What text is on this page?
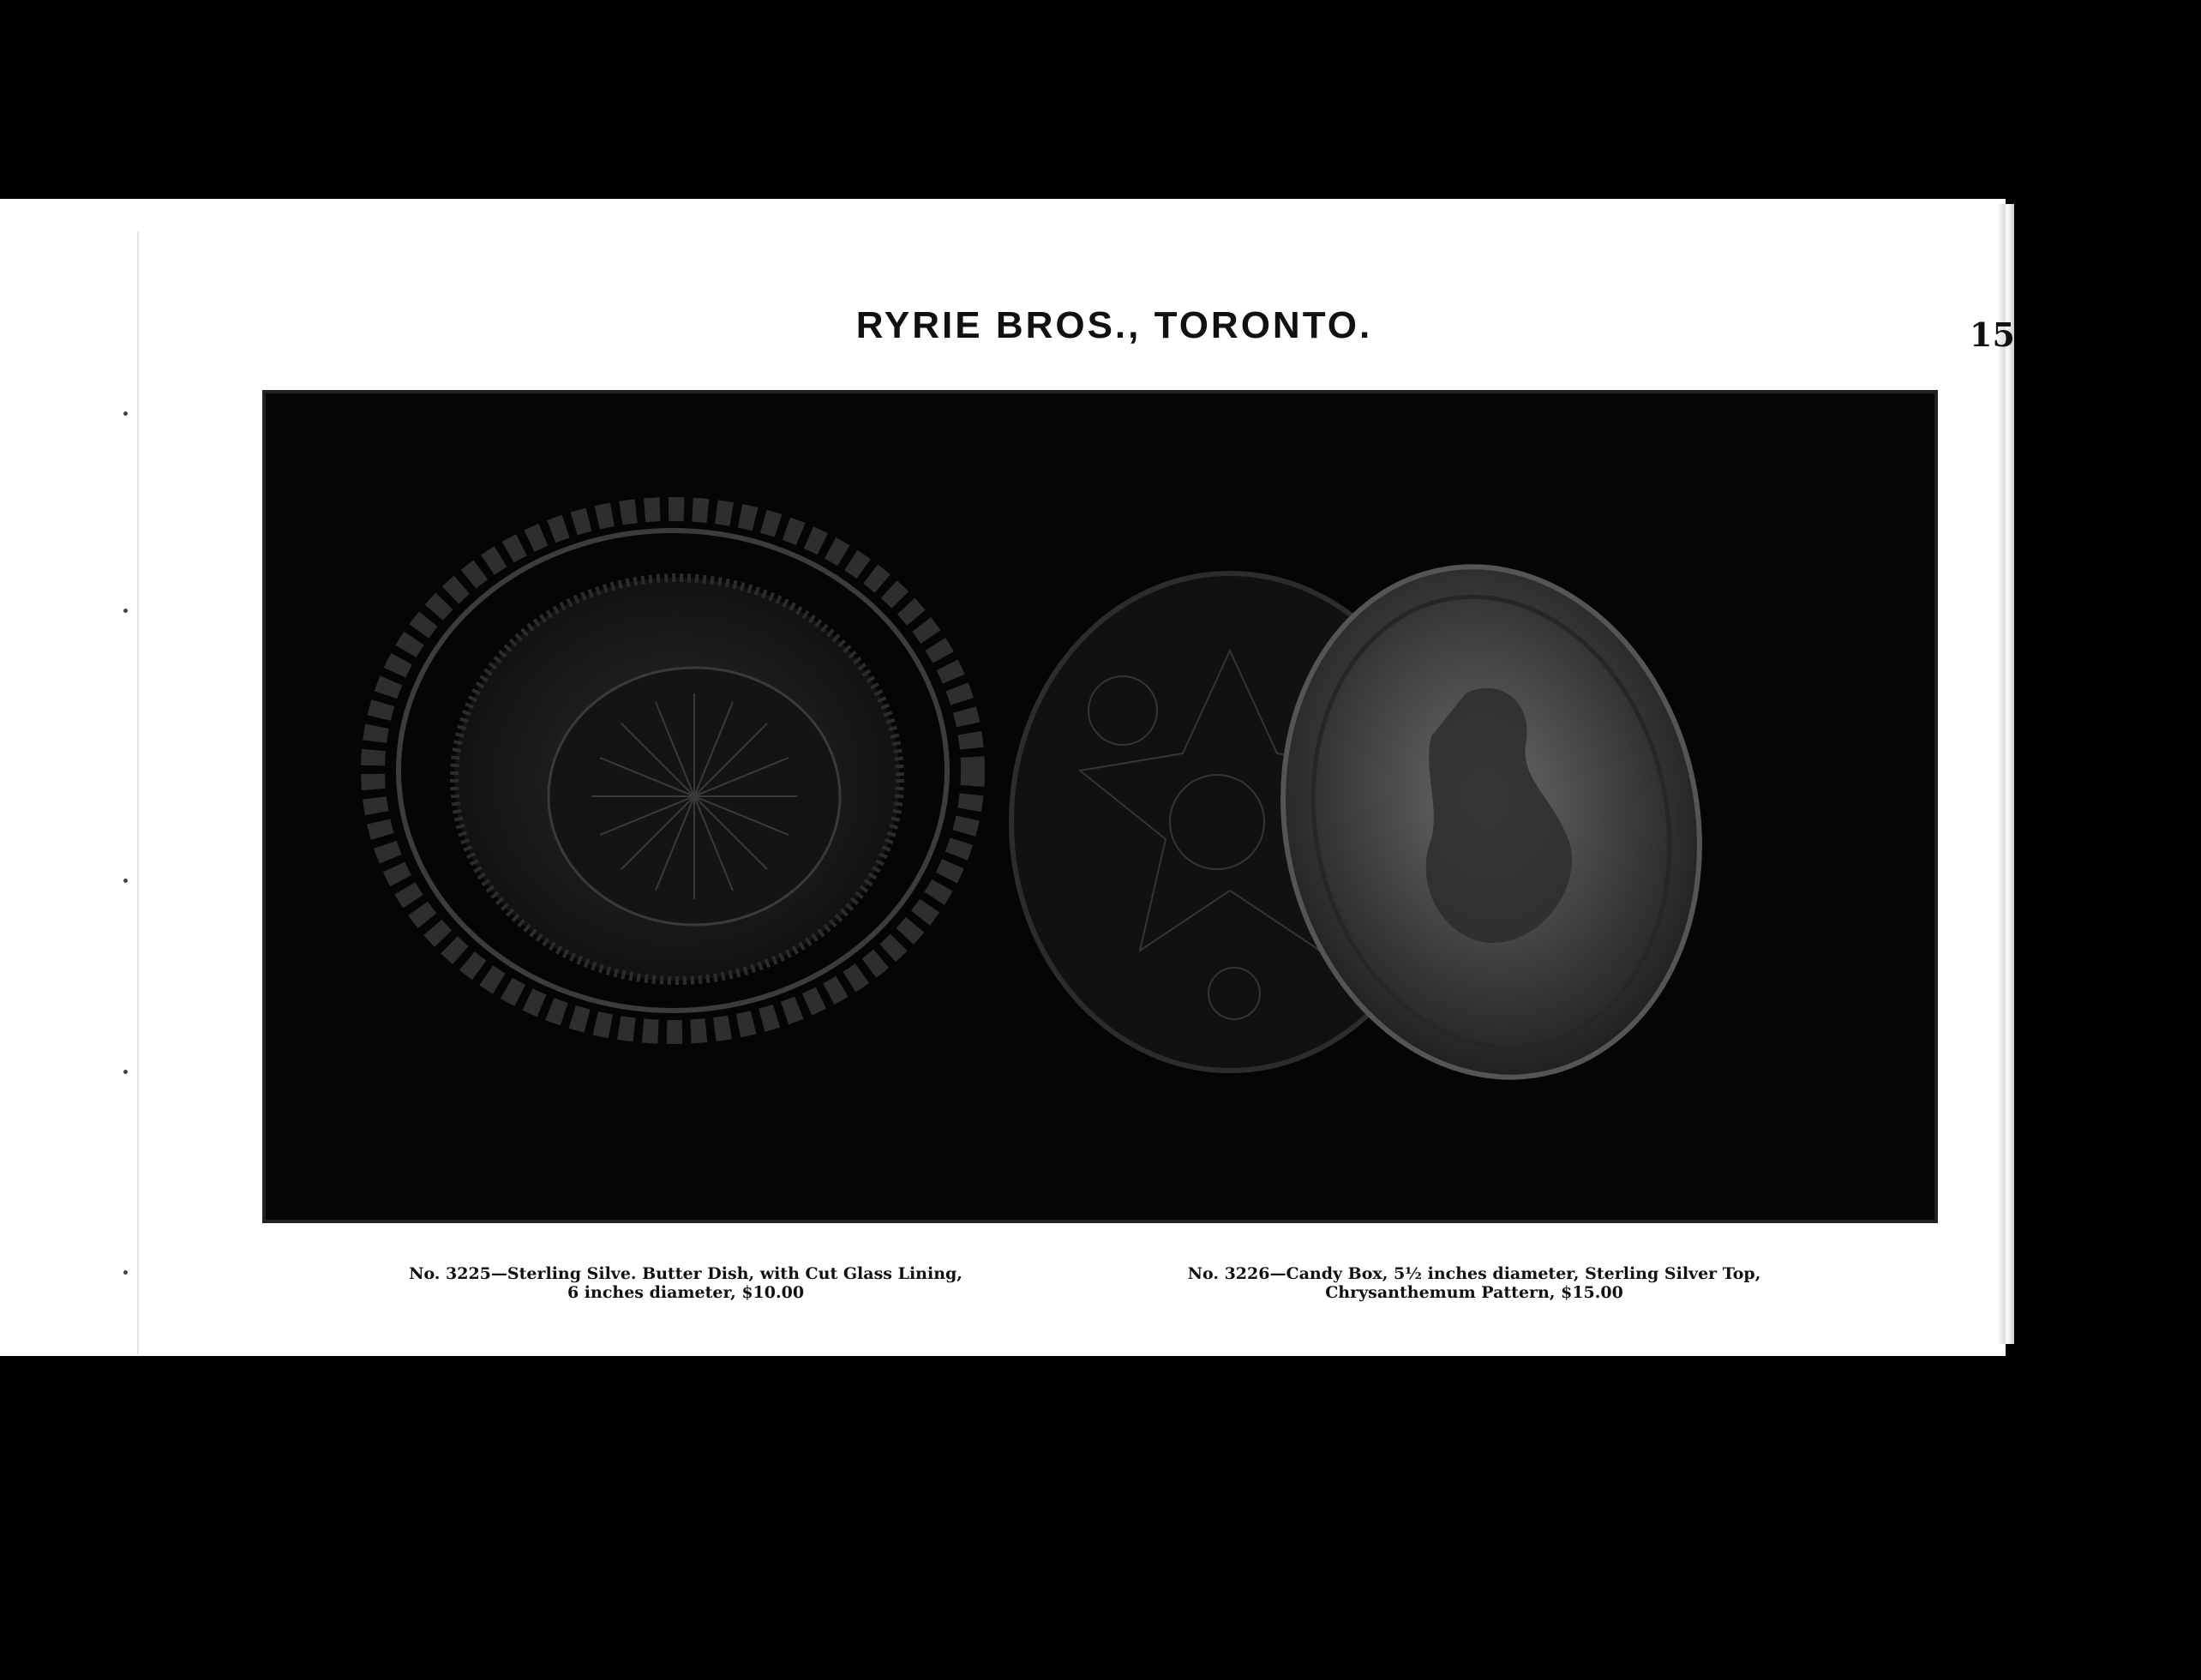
RYRIE BROS., TORONTO.	15
No. 3225—Sterling Silve. Butter Dish, with Cut Glass Lining,
6 inches diameter, $10.00
No. 3226—Candy Box, 5½ inches diameter, Sterling Silver Top,
Chrysanthemum Pattern, $15.00
